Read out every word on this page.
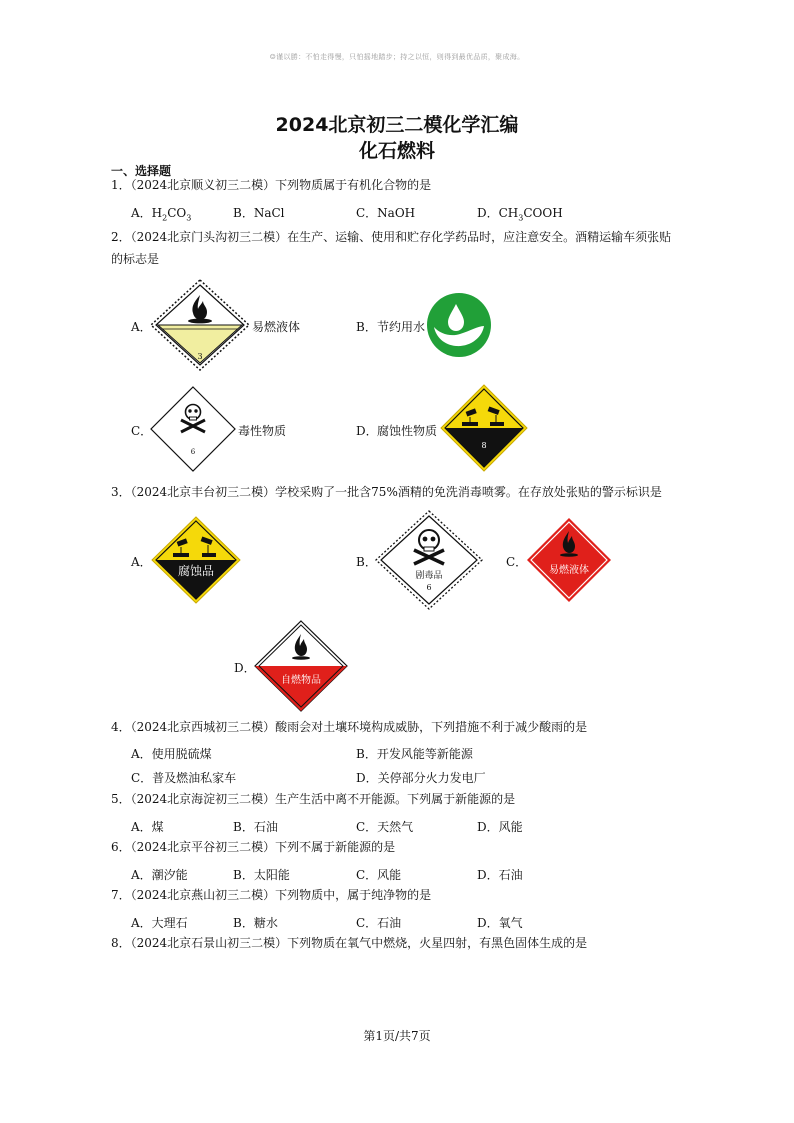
☺谨以勝：不怕走得慢，只怕摇地踏步；持之以恒，则得到最优品质，聚成海。
2024北京初三二模化学汇编
化石燃料
一、选择题
1．（2024北京顺义初三二模）下列物质属于有机化合物的是
A．$H_2CO_3$	B．NaCl	C．NaOH	D．$CH_3COOH$
2．（2024北京门头沟初三二模）在生产、运输、使用和贮存化学药品时，应注意安全。酒精运输车须张贴
的标志是
A．
3
易燃液体	B． 节约用水
C．
6
毒性物质	D． 腐蚀性物质
8
3．（2024北京丰台初三二模）学校采购了一批含75%酒精的免洗消毒喷雾。在存放处张贴的警示标识是
A．
腐蚀品
B．
剧毒品
6
C．
易燃液体
D．
自燃物品
4．（2024北京西城初三二模）酸雨会对土壤环境构成威胁，下列措施不利于减少酸雨的是
A．使用脱硫煤	B．开发风能等新能源
C．普及燃油私家车	D．关停部分火力发电厂
5．（2024北京海淀初三二模）生产生活中离不开能源。下列属于新能源的是
A．煤	B．石油	C．天然气	D．风能
6．（2024北京平谷初三二模）下列不属于新能源的是
A．潮汐能	B．太阳能	C．风能	D．石油
7．（2024北京燕山初三二模）下列物质中，属于纯净物的是
A．大理石	B．糖水	C．石油	D．氧气
8．（2024北京石景山初三二模）下列物质在氧气中燃烧，火星四射，有黑色固体生成的是
第1页/共7页
